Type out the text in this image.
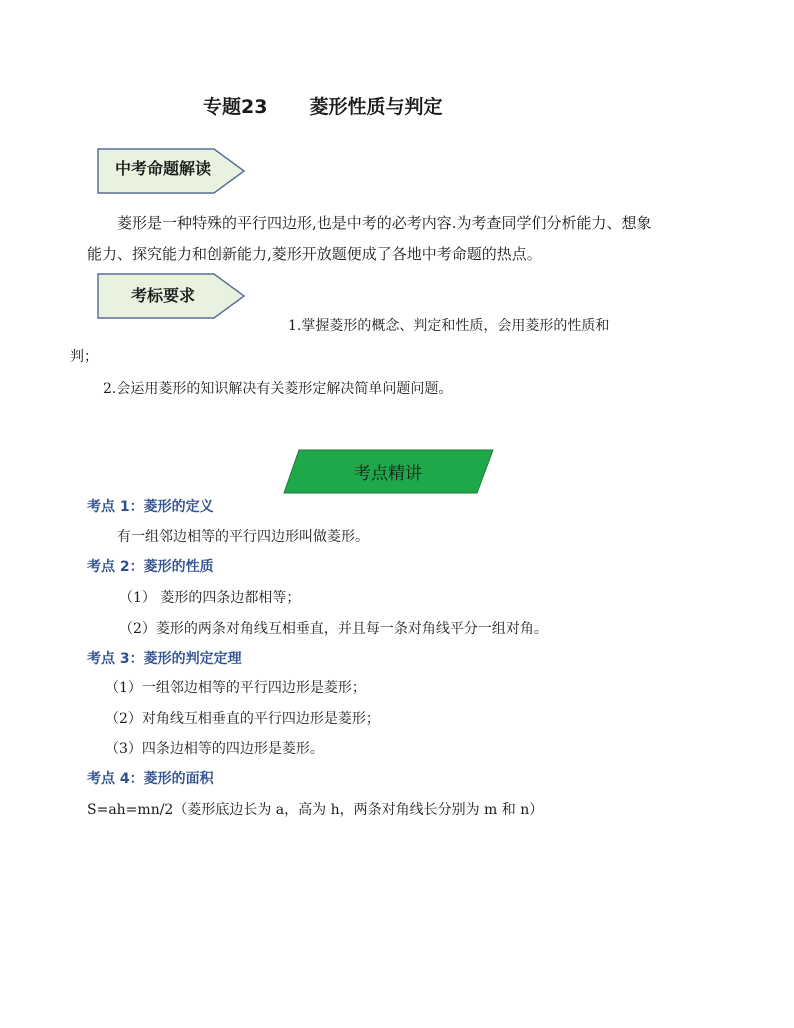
专题23 菱形性质与判定
中考命题解读
菱形是一种特殊的平行四边形,也是中考的必考内容.为考查同学们分析能力、想象
能力、探究能力和创新能力,菱形开放题便成了各地中考命题的热点。
考标要求
1.掌握菱形的概念、判定和性质，会用菱形的性质和
判；
2.会运用菱形的知识解决有关菱形定解决简单问题问题。
考点精讲
考点 1：菱形的定义
有一组邻边相等的平行四边形叫做菱形。
考点 2：菱形的性质
（1） 菱形的四条边都相等；
（2）菱形的两条对角线互相垂直，并且每一条对角线平分一组对角。
考点 3：菱形的判定定理
（1）一组邻边相等的平行四边形是菱形；
（2）对角线互相垂直的平行四边形是菱形；
（3）四条边相等的四边形是菱形。
考点 4：菱形的面积
S=ah=mn/2（菱形底边长为 a，高为 h，两条对角线长分别为 m 和 n）
